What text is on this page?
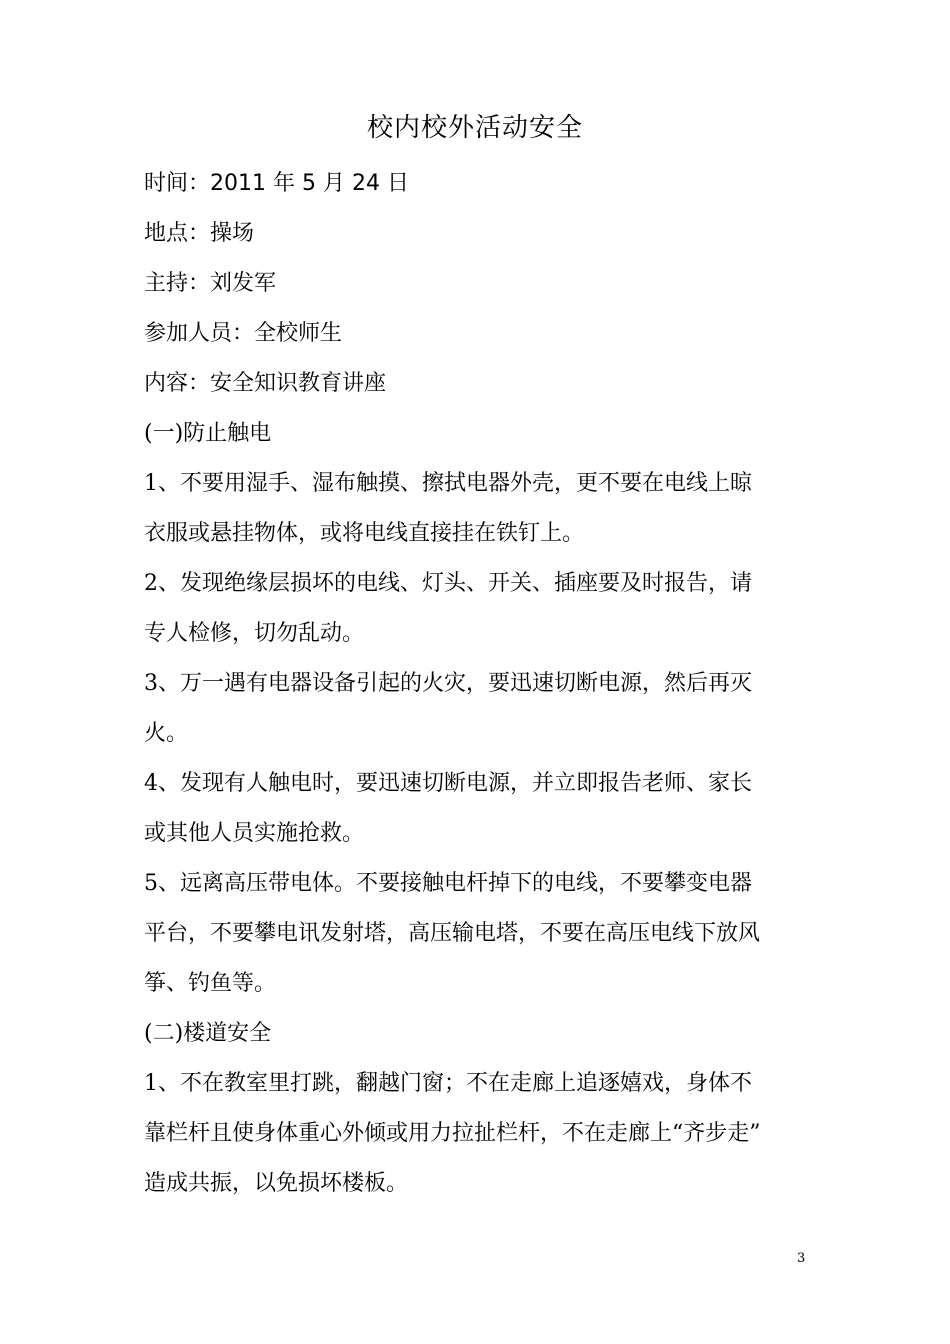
校内校外活动安全
时间：2011 年 5 月 24 日
地点：操场
主持：刘发军
参加人员：全校师生
内容：安全知识教育讲座
(一)防止触电
1、不要用湿手、湿布触摸、擦拭电器外壳，更不要在电线上晾
衣服或悬挂物体，或将电线直接挂在铁钉上。
2、发现绝缘层损坏的电线、灯头、开关、插座要及时报告，请
专人检修，切勿乱动。
3、万一遇有电器设备引起的火灾，要迅速切断电源，然后再灭
火。
4、发现有人触电时，要迅速切断电源，并立即报告老师、家长
或其他人员实施抢救。
5、远离高压带电体。不要接触电杆掉下的电线，不要攀变电器
平台，不要攀电讯发射塔，高压输电塔，不要在高压电线下放风
筝、钓鱼等。
(二)楼道安全
1、不在教室里打跳，翻越门窗；不在走廊上追逐嬉戏，身体不
靠栏杆且使身体重心外倾或用力拉扯栏杆，不在走廊上“齐步走”
造成共振，以免损坏楼板。
3
